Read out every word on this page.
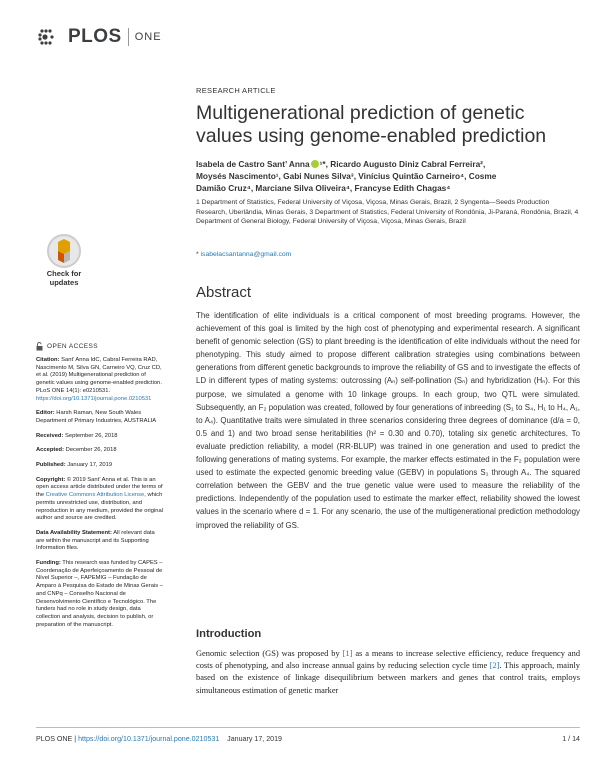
PLOS ONE
RESEARCH ARTICLE
Multigenerational prediction of genetic values using genome-enabled prediction
Isabela de Castro Sant’ Anna ¹*, Ricardo Augusto Diniz Cabral Ferreira²,
Moysés Nascimento¹, Gabi Nunes Silva³, Vinícius Quintão Carneiro⁴, Cosme
Damião Cruz⁴, Marciane Silva Oliveira⁴, Francyse Edith Chagas⁴
1 Department of Statistics, Federal University of Viçosa, Viçosa, Minas Gerais, Brazil, 2 Syngenta—Seeds Production Research, Uberlândia, Minas Gerais, 3 Department of Statistics, Federal University of Rondônia, Ji-Paraná, Rondônia, Brazil, 4 Department of General Biology, Federal University of Viçosa, Viçosa, Minas Gerais, Brazil
* isabelacsantanna@gmail.com
Check for
updates
OPEN ACCESS
Citation: Sant’ Anna IdC, Cabral Ferreira RAD, Nascimento M, Silva GN, Carneiro VQ, Cruz CD, et al. (2019) Multigenerational prediction of genetic values using genome-enabled prediction. PLoS ONE 14(1): e0210531. https://doi.org/10.1371/journal.pone.0210531
Editor: Harsh Raman, New South Wales Department of Primary Industries, AUSTRALIA
Received: September 26, 2018
Accepted: December 26, 2018
Published: January 17, 2019
Copyright: © 2019 Sant’ Anna et al. This is an open access article distributed under the terms of the Creative Commons Attribution License, which permits unrestricted use, distribution, and reproduction in any medium, provided the original author and source are credited.
Data Availability Statement: All relevant data are within the manuscript and its Supporting Information files.
Funding: This research was funded by CAPES – Coordenação de Aperfeiçoamento de Pessoal de Nível Superior –, FAPEMIG – Fundação de Amparo à Pesquisa do Estado de Minas Gerais – and CNPq – Conselho Nacional de Desenvolvimento Científico e Tecnológico. The funders had no role in study design, data collection and analysis, decision to publish, or preparation of the manuscript.
Abstract

The identification of elite individuals is a critical component of most breeding programs. However, the achievement of this goal is limited by the high cost of phenotyping and experimental research. A significant benefit of genomic selection (GS) to plant breeding is the identification of elite individuals without the need for phenotyping. This study aimed to propose different calibration strategies using combinations between generations from different genetic backgrounds to improve the reliability of GS and to investigate the effects of LD in different types of mating systems: outcrossing (Aₙ) self-pollination (Sₙ) and hybridization (Hₙ). For this purpose, we simulated a genome with 10 linkage groups. In each group, two QTL were simulated. Subsequently, an F₂ population was created, followed by four generations of inbreeding (S₁ to S₄, H₁ to H₄, A₁, to A₄). Quantitative traits were simulated in three scenarios considering three degrees of dominance (d/a = 0, 0.5 and 1) and two broad sense heritabilities (h² = 0.30 and 0.70), totaling six genetic architectures. To evaluate prediction reliability, a model (RR-BLUP) was trained in one generation and used to predict the following generations of mating systems. For example, the marker effects estimated in the F₂ population were used to estimate the expected genomic breeding value (GEBV) in populations S₁ through A₄. The squared correlation between the GEBV and the true genetic value were used to measure the reliability of the predictions. Independently of the population used to estimate the marker effect, reliability showed the lowest values in the scenario where d = 1. For any scenario, the use of the multigenerational prediction methodology improved the reliability of GS.

Introduction

Genomic selection (GS) was proposed by [1] as a means to increase selective efficiency, reduce frequency and costs of phenotyping, and also increase annual gains by reducing selection cycle time [2]. This approach, mainly based on the existence of linkage disequilibrium between markers and genes that control traits, employs simultaneous estimation of genetic marker

PLOS ONE | https://doi.org/10.1371/journal.pone.0210531 January 17, 2019	1 / 14
